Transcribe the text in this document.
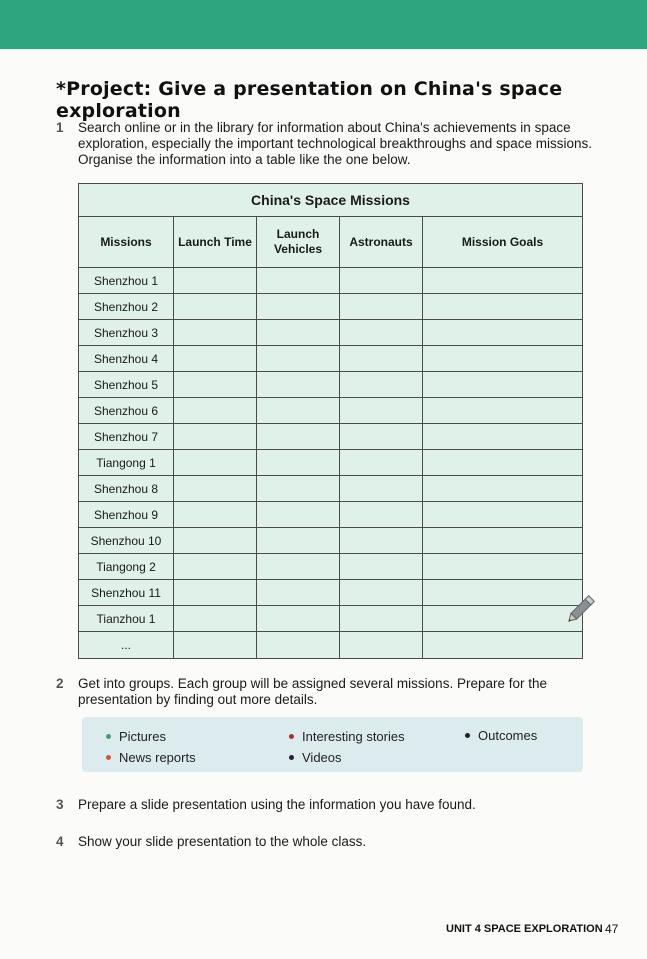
*Project: Give a presentation on China's space exploration
1	Search online or in the library for information about China's achievements in space exploration, especially the important technological breakthroughs and space missions. Organise the information into a table like the one below.
China's Space Missions				
Missions	Launch Time	Launch Vehicles	Astronauts	Mission Goals
Shenzhou 1				
Shenzhou 2				
Shenzhou 3				
Shenzhou 4				
Shenzhou 5				
Shenzhou 6				
Shenzhou 7				
Tiangong 1				
Shenzhou 8				
Shenzhou 9				
Shenzhou 10				
Tiangong 2				
Shenzhou 11				
Tianzhou 1				
...				
2	Get into groups. Each group will be assigned several missions. Prepare for the presentation by finding out more details.
Pictures
News reports
Interesting stories
Videos
Outcomes
3	Prepare a slide presentation using the information you have found.
4	Show your slide presentation to the whole class.
UNIT 4 SPACE EXPLORATION 47
